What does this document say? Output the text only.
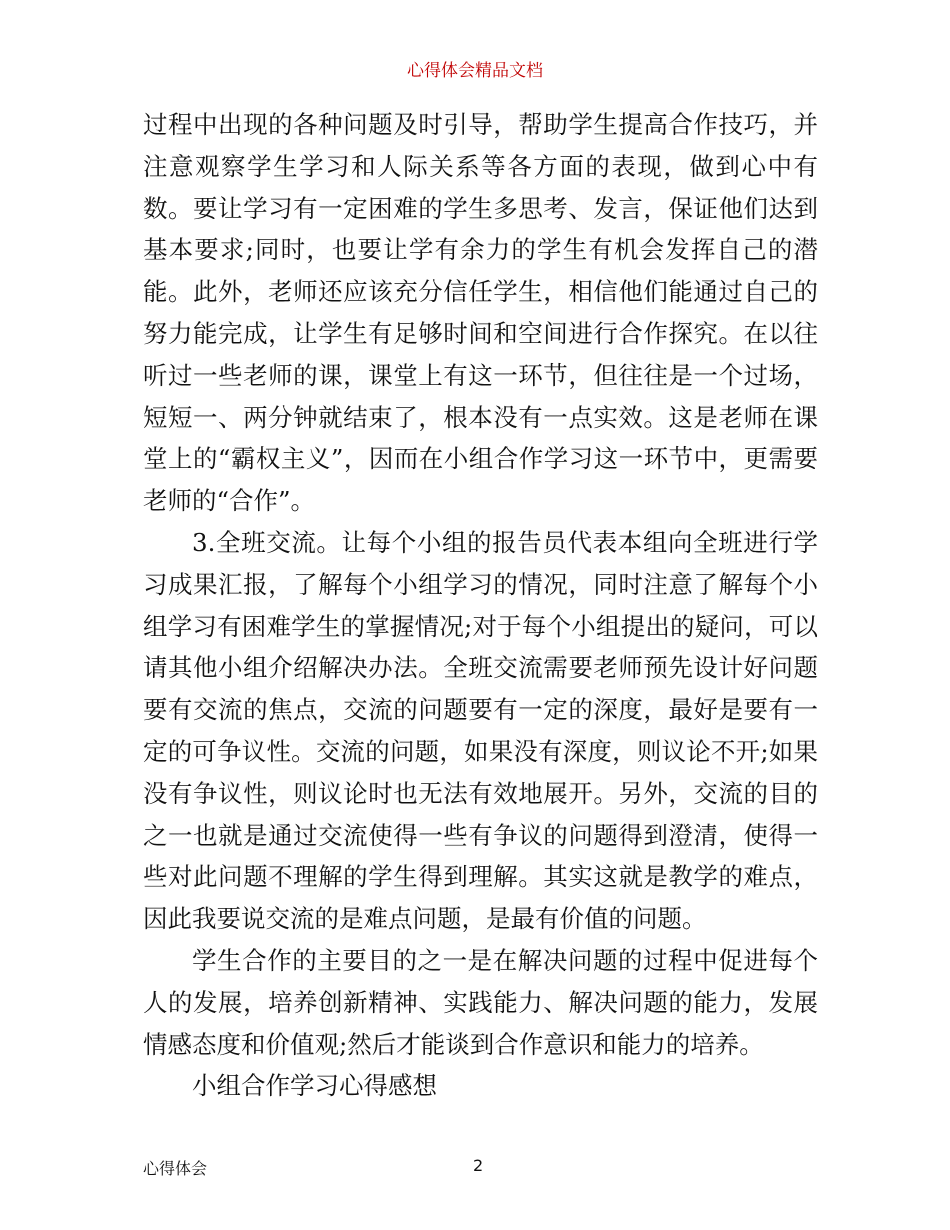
心得体会精品文档

过程中出现的各种问题及时引导，帮助学生提高合作技巧，并注意观察学生学习和人际关系等各方面的表现，做到心中有数。要让学习有一定困难的学生多思考、发言，保证他们达到基本要求;同时，也要让学有余力的学生有机会发挥自己的潜能。此外，老师还应该充分信任学生，相信他们能通过自己的努力能完成，让学生有足够时间和空间进行合作探究。在以往听过一些老师的课，课堂上有这一环节，但往往是一个过场，短短一、两分钟就结束了，根本没有一点实效。这是老师在课堂上的“霸权主义”，因而在小组合作学习这一环节中，更需要老师的“合作”。

3.全班交流。让每个小组的报告员代表本组向全班进行学习成果汇报，了解每个小组学习的情况，同时注意了解每个小组学习有困难学生的掌握情况;对于每个小组提出的疑问，可以请其他小组介绍解决办法。全班交流需要老师预先设计好问题要有交流的焦点，交流的问题要有一定的深度，最好是要有一定的可争议性。交流的问题，如果没有深度，则议论不开;如果没有争议性，则议论时也无法有效地展开。另外，交流的目的之一也就是通过交流使得一些有争议的问题得到澄清，使得一些对此问题不理解的学生得到理解。其实这就是教学的难点，因此我要说交流的是难点问题，是最有价值的问题。

学生合作的主要目的之一是在解决问题的过程中促进每个人的发展，培养创新精神、实践能力、解决问题的能力，发展情感态度和价值观;然后才能谈到合作意识和能力的培养。

小组合作学习心得感想

心得体会	2
